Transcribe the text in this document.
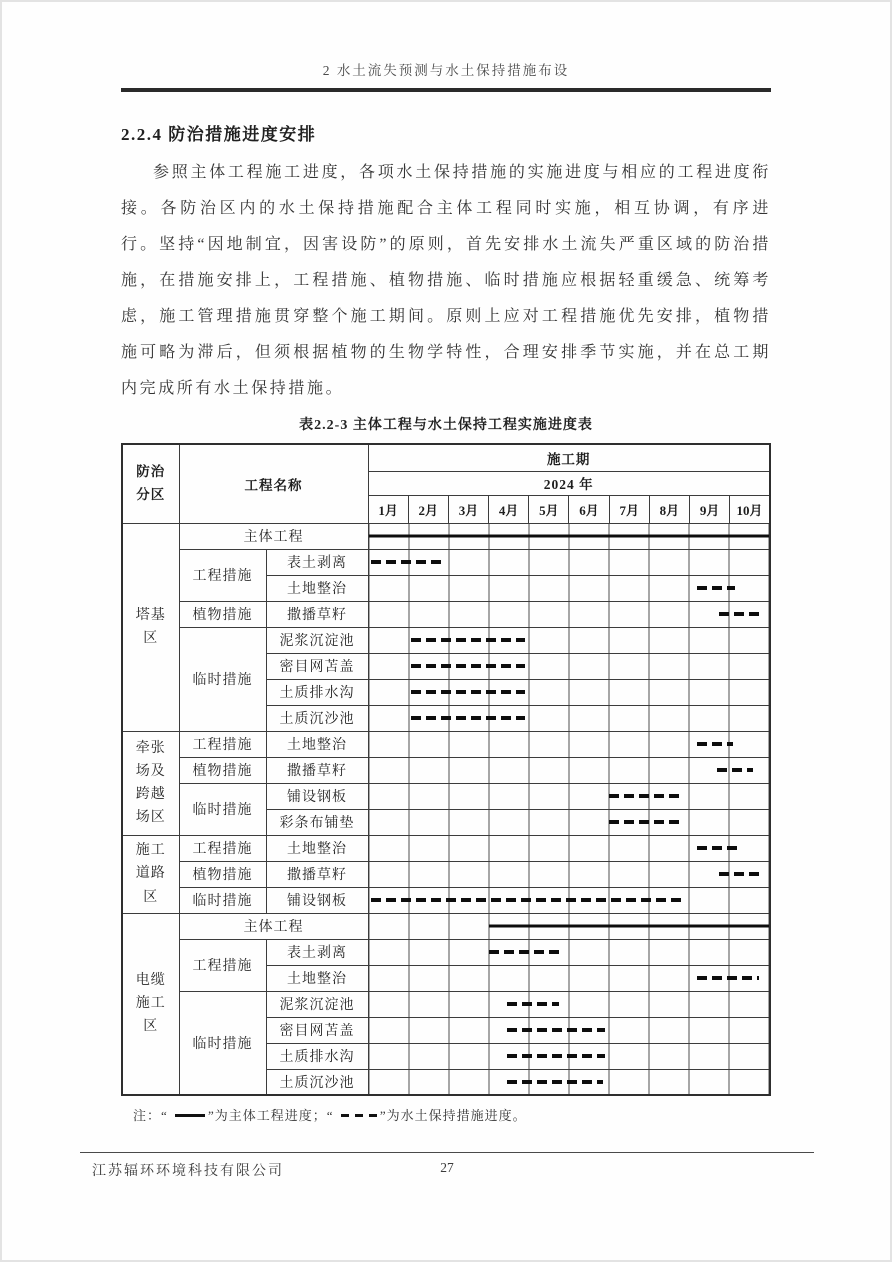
2 水土流失预测与水土保持措施布设
2.2.4 防治措施进度安排

参照主体工程施工进度，各项水土保持措施的实施进度与相应的工程进度衔接。各防治区内的水土保持措施配合主体工程同时实施，相互协调，有序进行。坚持“因地制宜，因害设防”的原则，首先安排水土流失严重区域的防治措施，在措施安排上，工程措施、植物措施、临时措施应根据轻重缓急、统筹考虑，施工管理措施贯穿整个施工期间。原则上应对工程措施优先安排，植物措施可略为滞后，但须根据植物的生物学特性，合理安排季节实施，并在总工期内完成所有水土保持措施。

表2.2-3 主体工程与水土保持工程实施进度表
防治分区	工程名称		施工期									
			2024 年									
			1月	2月	3月	4月	5月	6月	7月	8月	9月	10月
塔基区	主体工程											

	工程措施	表土剥离										

		土地整治										

	植物措施	撒播草籽										

	临时措施	泥浆沉淀池										

		密目网苫盖										

		土质排水沟										

		土质沉沙池										

牵张场及跨越场区	工程措施	土地整治										

	植物措施	撒播草籽										

	临时措施	铺设钢板										

		彩条布铺垫										

施工道路区	工程措施	土地整治										

	植物措施	撒播草籽										

	临时措施	铺设钢板										

电缆施工区	主体工程											

	工程措施	表土剥离										

		土地整治										

	临时措施	泥浆沉淀池										

		密目网苫盖										

		土质排水沟										

		土质沉沙池										
注：“	”为主体工程进度；“	”为水土保持措施进度。
江苏辐环环境科技有限公司	27
